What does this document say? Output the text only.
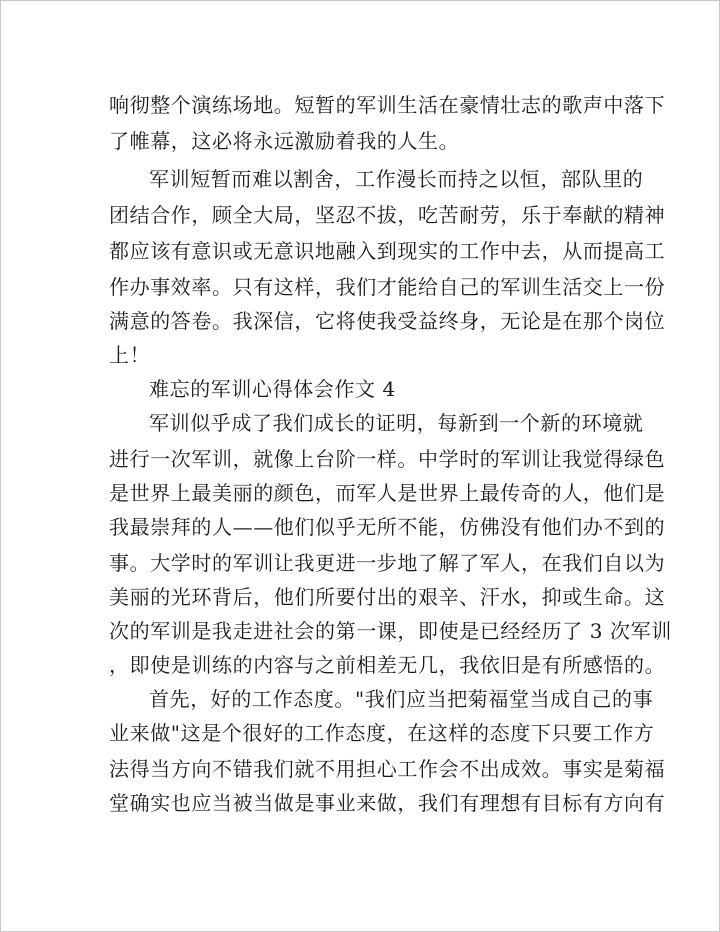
响彻整个演练场地。短暂的军训生活在豪情壮志的歌声中落下
了帷幕，这必将永远激励着我的人生。
军训短暂而难以割舍，工作漫长而持之以恒，部队里的
团结合作，顾全大局，坚忍不拔，吃苦耐劳，乐于奉献的精神
都应该有意识或无意识地融入到现实的工作中去，从而提高工
作办事效率。只有这样，我们才能给自己的军训生活交上一份
满意的答卷。我深信，它将使我受益终身，无论是在那个岗位
上！
难忘的军训心得体会作文 4
军训似乎成了我们成长的证明，每新到一个新的环境就
进行一次军训，就像上台阶一样。中学时的军训让我觉得绿色
是世界上最美丽的颜色，而军人是世界上最传奇的人，他们是
我最崇拜的人——他们似乎无所不能，仿佛没有他们办不到的
事。大学时的军训让我更进一步地了解了军人，在我们自以为
美丽的光环背后，他们所要付出的艰辛、汗水，抑或生命。这
次的军训是我走进社会的第一课，即使是已经经历了 3 次军训
，即使是训练的内容与之前相差无几，我依旧是有所感悟的。
首先，好的工作态度。"我们应当把菊福堂当成自己的事
业来做"这是个很好的工作态度，在这样的态度下只要工作方
法得当方向不错我们就不用担心工作会不出成效。事实是菊福
堂确实也应当被当做是事业来做，我们有理想有目标有方向有
